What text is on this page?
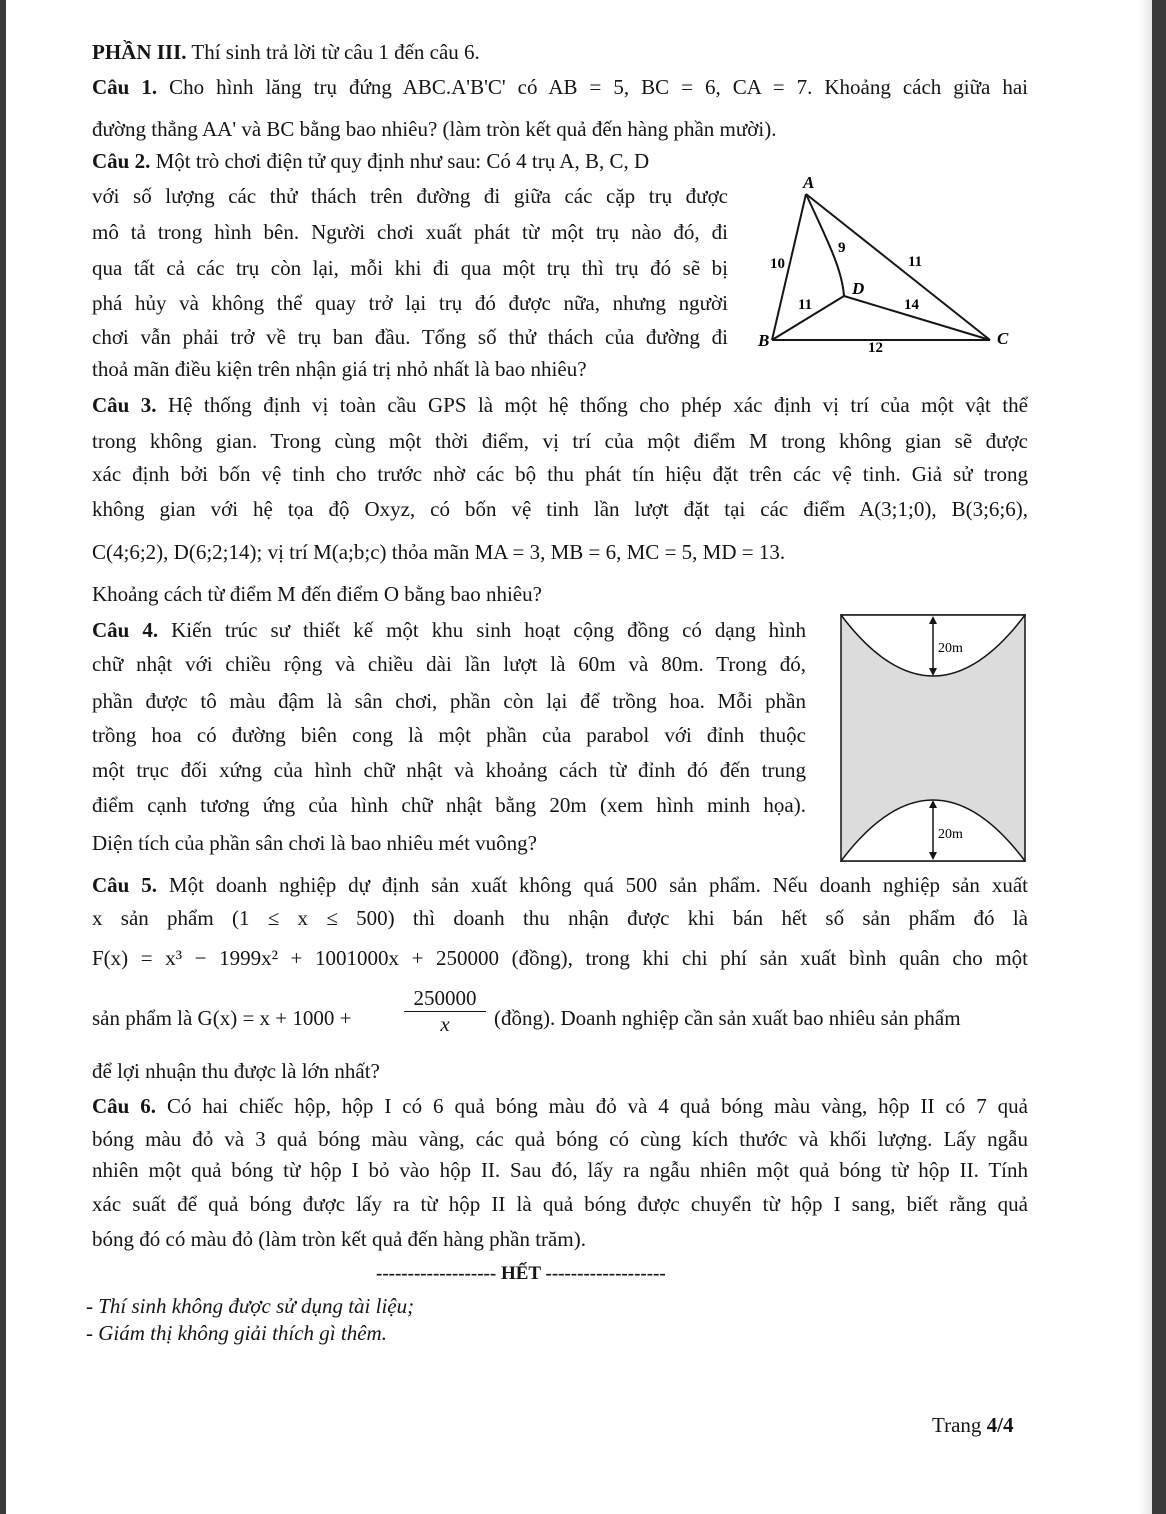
PHẦN III. Thí sinh trả lời từ câu 1 đến câu 6.
Câu 1. Cho hình lăng trụ đứng ABC.A'B'C' có AB = 5, BC = 6, CA = 7. Khoảng cách giữa hai
đường thẳng AA' và BC bằng bao nhiêu? (làm tròn kết quả đến hàng phần mười).
Câu 2. Một trò chơi điện tử quy định như sau: Có 4 trụ A, B, C, D
với số lượng các thử thách trên đường đi giữa các cặp trụ được
mô tả trong hình bên. Người chơi xuất phát từ một trụ nào đó, đi
qua tất cả các trụ còn lại, mỗi khi đi qua một trụ thì trụ đó sẽ bị
phá hủy và không thể quay trở lại trụ đó được nữa, nhưng người
chơi vẫn phải trở về trụ ban đầu. Tổng số thử thách của đường đi
thoả mãn điều kiện trên nhận giá trị nhỏ nhất là bao nhiêu?
A
B	C
D
10	11
9
11	14
12
Câu 3. Hệ thống định vị toàn cầu GPS là một hệ thống cho phép xác định vị trí của một vật thể
trong không gian. Trong cùng một thời điểm, vị trí của một điểm M trong không gian sẽ được
xác định bởi bốn vệ tinh cho trước nhờ các bộ thu phát tín hiệu đặt trên các vệ tinh. Giả sử trong
không gian với hệ tọa độ Oxyz, có bốn vệ tinh lần lượt đặt tại các điểm A(3;1;0), B(3;6;6),
C(4;6;2), D(6;2;14); vị trí M(a;b;c) thỏa mãn MA = 3, MB = 6, MC = 5, MD = 13.
Khoảng cách từ điểm M đến điểm O bằng bao nhiêu?
Câu 4. Kiến trúc sư thiết kế một khu sinh hoạt cộng đồng có dạng hình
chữ nhật với chiều rộng và chiều dài lần lượt là 60m và 80m. Trong đó,
phần được tô màu đậm là sân chơi, phần còn lại để trồng hoa. Mỗi phần
trồng hoa có đường biên cong là một phần của parabol với đỉnh thuộc
một trục đối xứng của hình chữ nhật và khoảng cách từ đỉnh đó đến trung
điểm cạnh tương ứng của hình chữ nhật bằng 20m (xem hình minh họa).
Diện tích của phần sân chơi là bao nhiêu mét vuông?
20m
20m
Câu 5. Một doanh nghiệp dự định sản xuất không quá 500 sản phẩm. Nếu doanh nghiệp sản xuất
x sản phẩm (1 ≤ x ≤ 500) thì doanh thu nhận được khi bán hết số sản phẩm đó là
F(x) = x³ − 1999x² + 1001000x + 250000 (đồng), trong khi chi phí sản xuất bình quân cho một
sản phẩm là G(x) = x + 1000 +	$\frac{250000}{x}$ (đồng). Doanh nghiệp cần sản xuất bao nhiêu sản phẩm
để lợi nhuận thu được là lớn nhất?
Câu 6. Có hai chiếc hộp, hộp I có 6 quả bóng màu đỏ và 4 quả bóng màu vàng, hộp II có 7 quả
bóng màu đỏ và 3 quả bóng màu vàng, các quả bóng có cùng kích thước và khối lượng. Lấy ngẫu
nhiên một quả bóng từ hộp I bỏ vào hộp II. Sau đó, lấy ra ngẫu nhiên một quả bóng từ hộp II. Tính
xác suất để quả bóng được lấy ra từ hộp II là quả bóng được chuyển từ hộp I sang, biết rằng quả
bóng đó có màu đỏ (làm tròn kết quả đến hàng phần trăm).
------------------- HẾT -------------------
- Thí sinh không được sử dụng tài liệu;
- Giám thị không giải thích gì thêm.
Trang 4/4
